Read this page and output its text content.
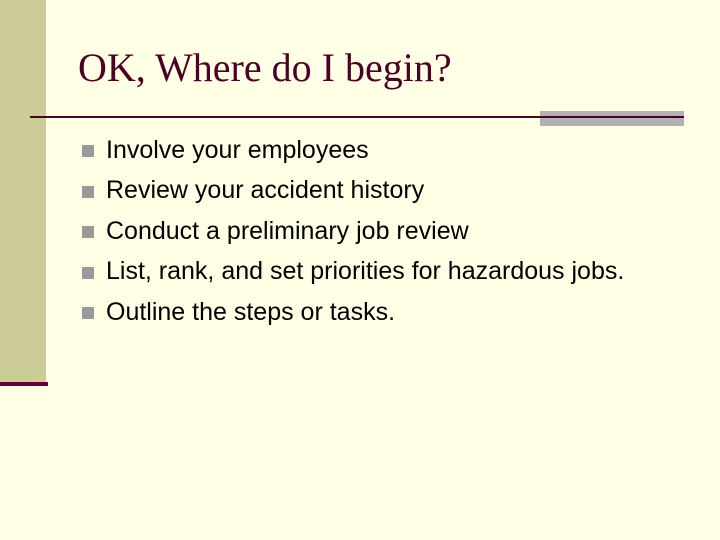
OK, Where do I begin?
Involve your employees
Review your accident history
Conduct a preliminary job review
List, rank, and set priorities for hazardous jobs.
Outline the steps or tasks.
